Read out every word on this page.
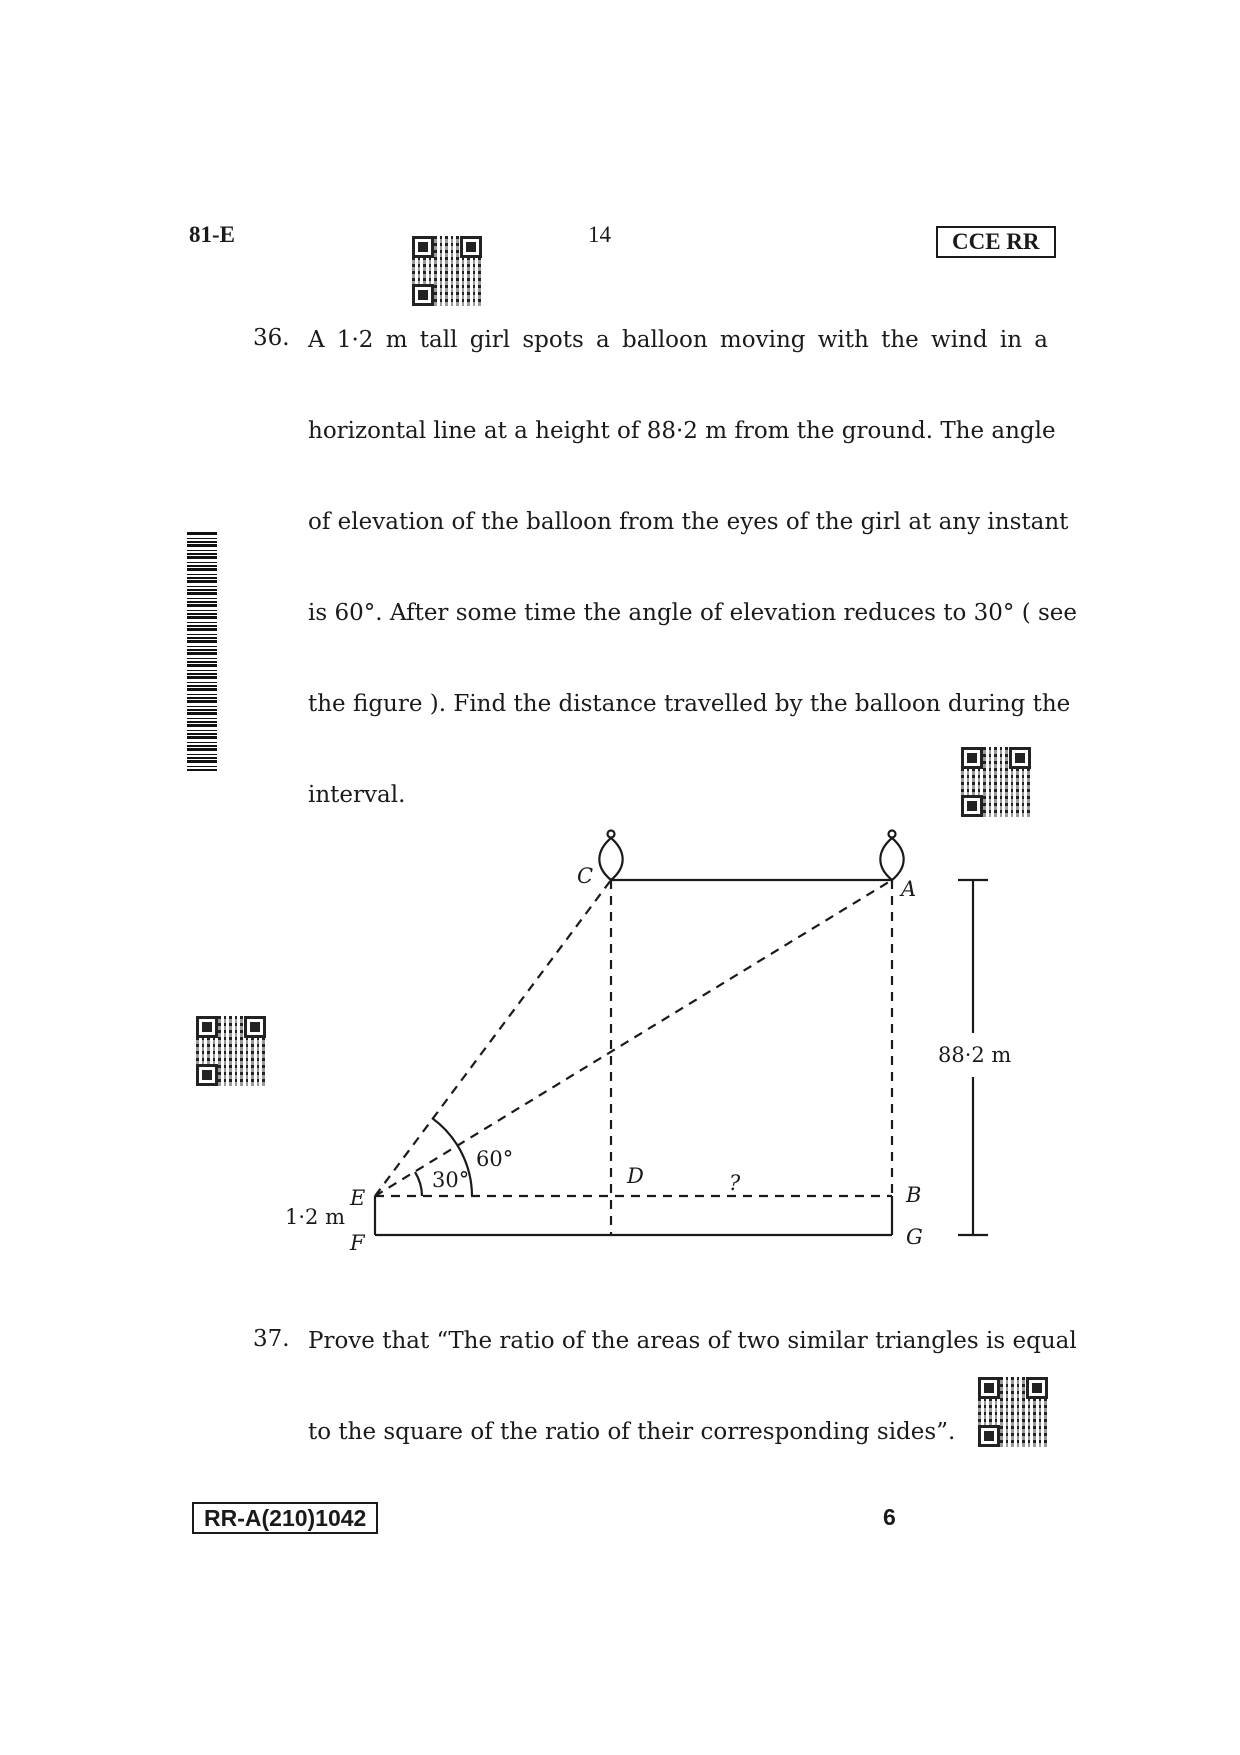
81-E	14	CCE RR
36. A 1·2 m tall girl spots a balloon moving with the wind in a
horizontal line at a height of 88·2 m from the ground. The angle
of elevation of the balloon from the eyes of the girl at any instant
is 60°. After some time the angle of elevation reduces to 30° ( see
the figure ). Find the distance travelled by the balloon during the
interval.
C
A
D	?	B
G
E
F
30°
60°
88·2 m
1·2 m
37. Prove that “The ratio of the areas of two similar triangles is equal
to the square of the ratio of their corresponding sides”.
RR-A(210)1042	6
